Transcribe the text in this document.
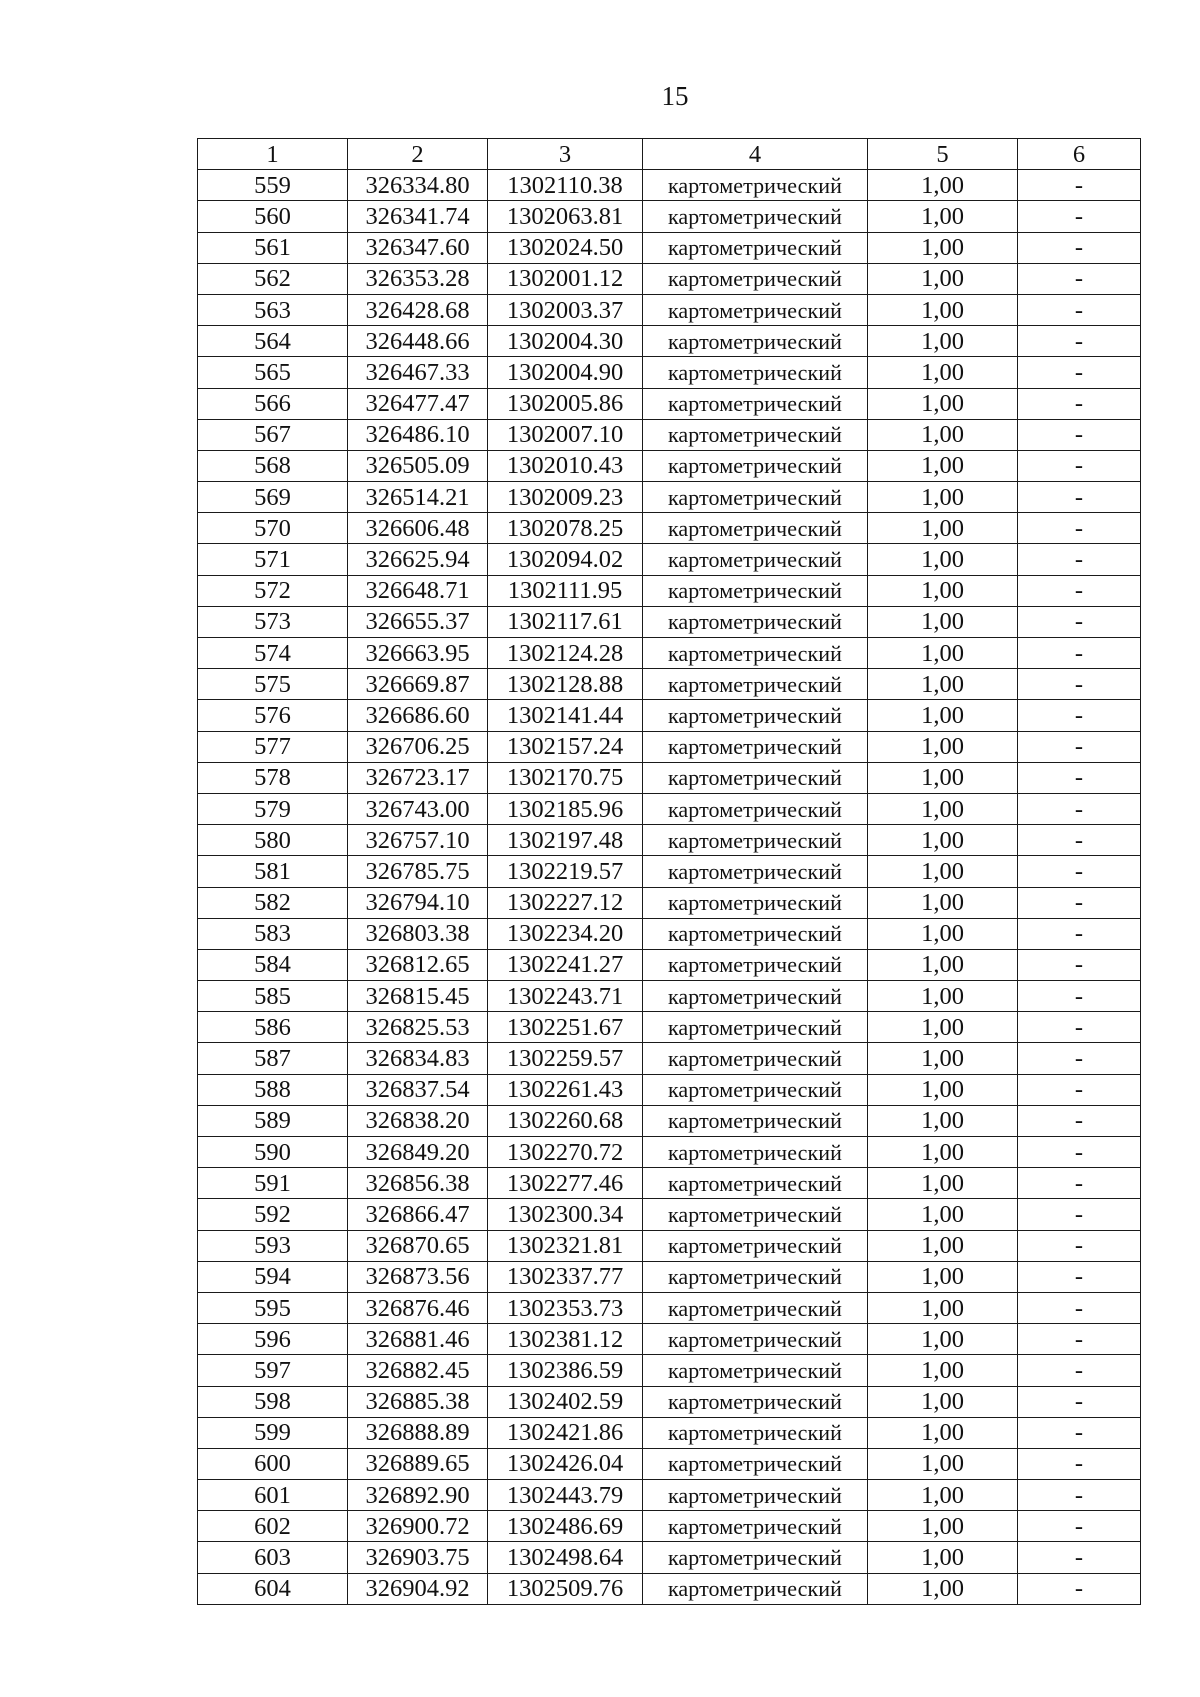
15
1	2	3	4	5	6
559	326334.80	1302110.38	картометрический	1,00	-
560	326341.74	1302063.81	картометрический	1,00	-
561	326347.60	1302024.50	картометрический	1,00	-
562	326353.28	1302001.12	картометрический	1,00	-
563	326428.68	1302003.37	картометрический	1,00	-
564	326448.66	1302004.30	картометрический	1,00	-
565	326467.33	1302004.90	картометрический	1,00	-
566	326477.47	1302005.86	картометрический	1,00	-
567	326486.10	1302007.10	картометрический	1,00	-
568	326505.09	1302010.43	картометрический	1,00	-
569	326514.21	1302009.23	картометрический	1,00	-
570	326606.48	1302078.25	картометрический	1,00	-
571	326625.94	1302094.02	картометрический	1,00	-
572	326648.71	1302111.95	картометрический	1,00	-
573	326655.37	1302117.61	картометрический	1,00	-
574	326663.95	1302124.28	картометрический	1,00	-
575	326669.87	1302128.88	картометрический	1,00	-
576	326686.60	1302141.44	картометрический	1,00	-
577	326706.25	1302157.24	картометрический	1,00	-
578	326723.17	1302170.75	картометрический	1,00	-
579	326743.00	1302185.96	картометрический	1,00	-
580	326757.10	1302197.48	картометрический	1,00	-
581	326785.75	1302219.57	картометрический	1,00	-
582	326794.10	1302227.12	картометрический	1,00	-
583	326803.38	1302234.20	картометрический	1,00	-
584	326812.65	1302241.27	картометрический	1,00	-
585	326815.45	1302243.71	картометрический	1,00	-
586	326825.53	1302251.67	картометрический	1,00	-
587	326834.83	1302259.57	картометрический	1,00	-
588	326837.54	1302261.43	картометрический	1,00	-
589	326838.20	1302260.68	картометрический	1,00	-
590	326849.20	1302270.72	картометрический	1,00	-
591	326856.38	1302277.46	картометрический	1,00	-
592	326866.47	1302300.34	картометрический	1,00	-
593	326870.65	1302321.81	картометрический	1,00	-
594	326873.56	1302337.77	картометрический	1,00	-
595	326876.46	1302353.73	картометрический	1,00	-
596	326881.46	1302381.12	картометрический	1,00	-
597	326882.45	1302386.59	картометрический	1,00	-
598	326885.38	1302402.59	картометрический	1,00	-
599	326888.89	1302421.86	картометрический	1,00	-
600	326889.65	1302426.04	картометрический	1,00	-
601	326892.90	1302443.79	картометрический	1,00	-
602	326900.72	1302486.69	картометрический	1,00	-
603	326903.75	1302498.64	картометрический	1,00	-
604	326904.92	1302509.76	картометрический	1,00	-
